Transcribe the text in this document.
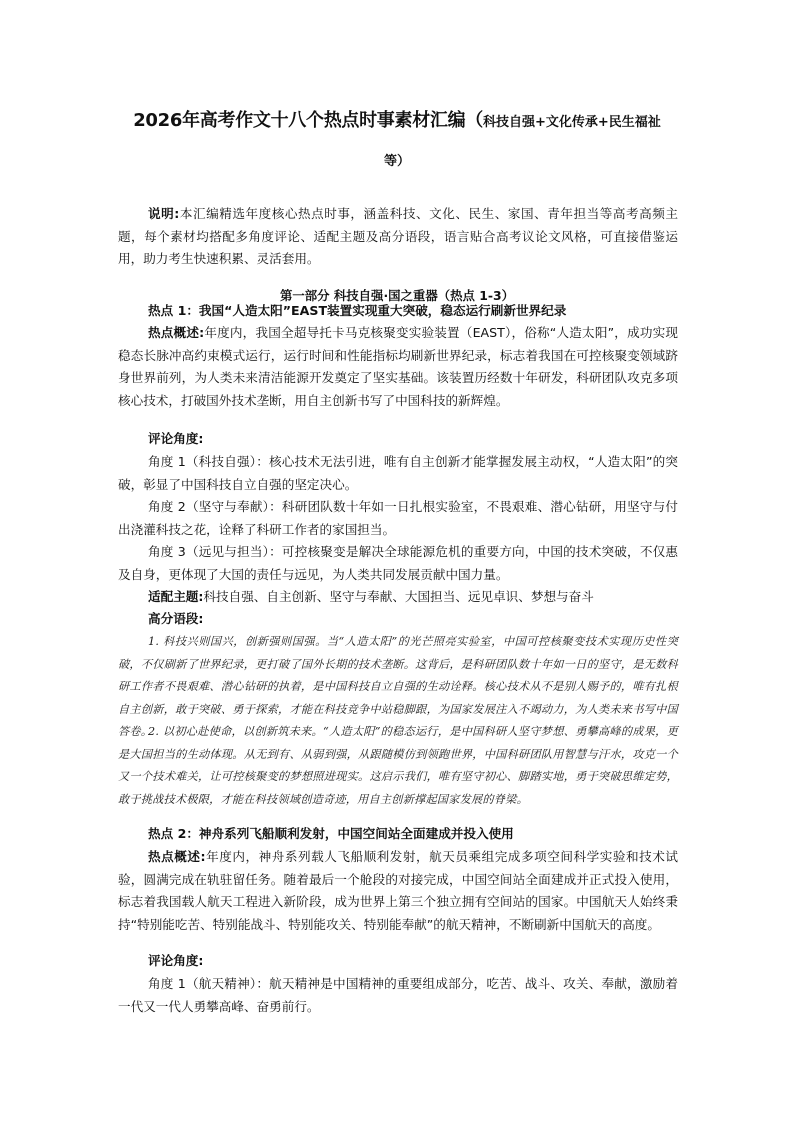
2026年高考作文十八个热点时事素材汇编（科技自强+文化传承+民生福祉
等）
说明:本汇编精选年度核心热点时事，涵盖科技、文化、民生、家国、青年担当等高考高频主题，每个素材均搭配多角度评论、适配主题及高分语段，语言贴合高考议论文风格，可直接借鉴运用，助力考生快速积累、灵活套用。
第一部分 科技自强·国之重器（热点 1-3）
热点 1：我国“人造太阳”EAST装置实现重大突破，稳态运行刷新世界纪录
热点概述:年度内，我国全超导托卡马克核聚变实验装置（EAST），俗称“人造太阳”，成功实现稳态长脉冲高约束模式运行，运行时间和性能指标均刷新世界纪录，标志着我国在可控核聚变领域跻身世界前列，为人类未来清洁能源开发奠定了坚实基础。该装置历经数十年研发，科研团队攻克多项核心技术，打破国外技术垄断，用自主创新书写了中国科技的新辉煌。
评论角度:
角度 1（科技自强）：核心技术无法引进，唯有自主创新才能掌握发展主动权，“人造太阳”的突破，彰显了中国科技自立自强的坚定决心。
角度 2（坚守与奉献）：科研团队数十年如一日扎根实验室，不畏艰难、潜心钻研，用坚守与付出浇灌科技之花，诠释了科研工作者的家国担当。
角度 3（远见与担当）：可控核聚变是解决全球能源危机的重要方向，中国的技术突破，不仅惠及自身，更体现了大国的责任与远见，为人类共同发展贡献中国力量。
适配主题:科技自强、自主创新、坚守与奉献、大国担当、远见卓识、梦想与奋斗
高分语段:
1. 科技兴则国兴，创新强则国强。当“人造太阳”的光芒照亮实验室，中国可控核聚变技术实现历史性突破，不仅刷新了世界纪录，更打破了国外长期的技术垄断。这背后，是科研团队数十年如一日的坚守，是无数科研工作者不畏艰难、潜心钻研的执着，是中国科技自立自强的生动诠释。核心技术从不是别人赐予的，唯有扎根自主创新，敢于突破、勇于探索，才能在科技竞争中站稳脚跟，为国家发展注入不竭动力，为人类未来书写中国答卷。
2. 以初心赴使命，以创新筑未来。“人造太阳”的稳态运行，是中国科研人坚守梦想、勇攀高峰的成果，更是大国担当的生动体现。从无到有、从弱到强，从跟随模仿到领跑世界，中国科研团队用智慧与汗水，攻克一个又一个技术难关，让可控核聚变的梦想照进现实。这启示我们，唯有坚守初心、脚踏实地，勇于突破思维定势，敢于挑战技术极限，才能在科技领域创造奇迹，用自主创新撑起国家发展的脊梁。
热点 2：神舟系列飞船顺利发射，中国空间站全面建成并投入使用
热点概述:年度内，神舟系列载人飞船顺利发射，航天员乘组完成多项空间科学实验和技术试验，圆满完成在轨驻留任务。随着最后一个舱段的对接完成，中国空间站全面建成并正式投入使用，标志着我国载人航天工程进入新阶段，成为世界上第三个独立拥有空间站的国家。中国航天人始终秉持“特别能吃苦、特别能战斗、特别能攻关、特别能奉献”的航天精神，不断刷新中国航天的高度。
评论角度:
角度 1（航天精神）：航天精神是中国精神的重要组成部分，吃苦、战斗、攻关、奉献，激励着一代又一代人勇攀高峰、奋勇前行。
